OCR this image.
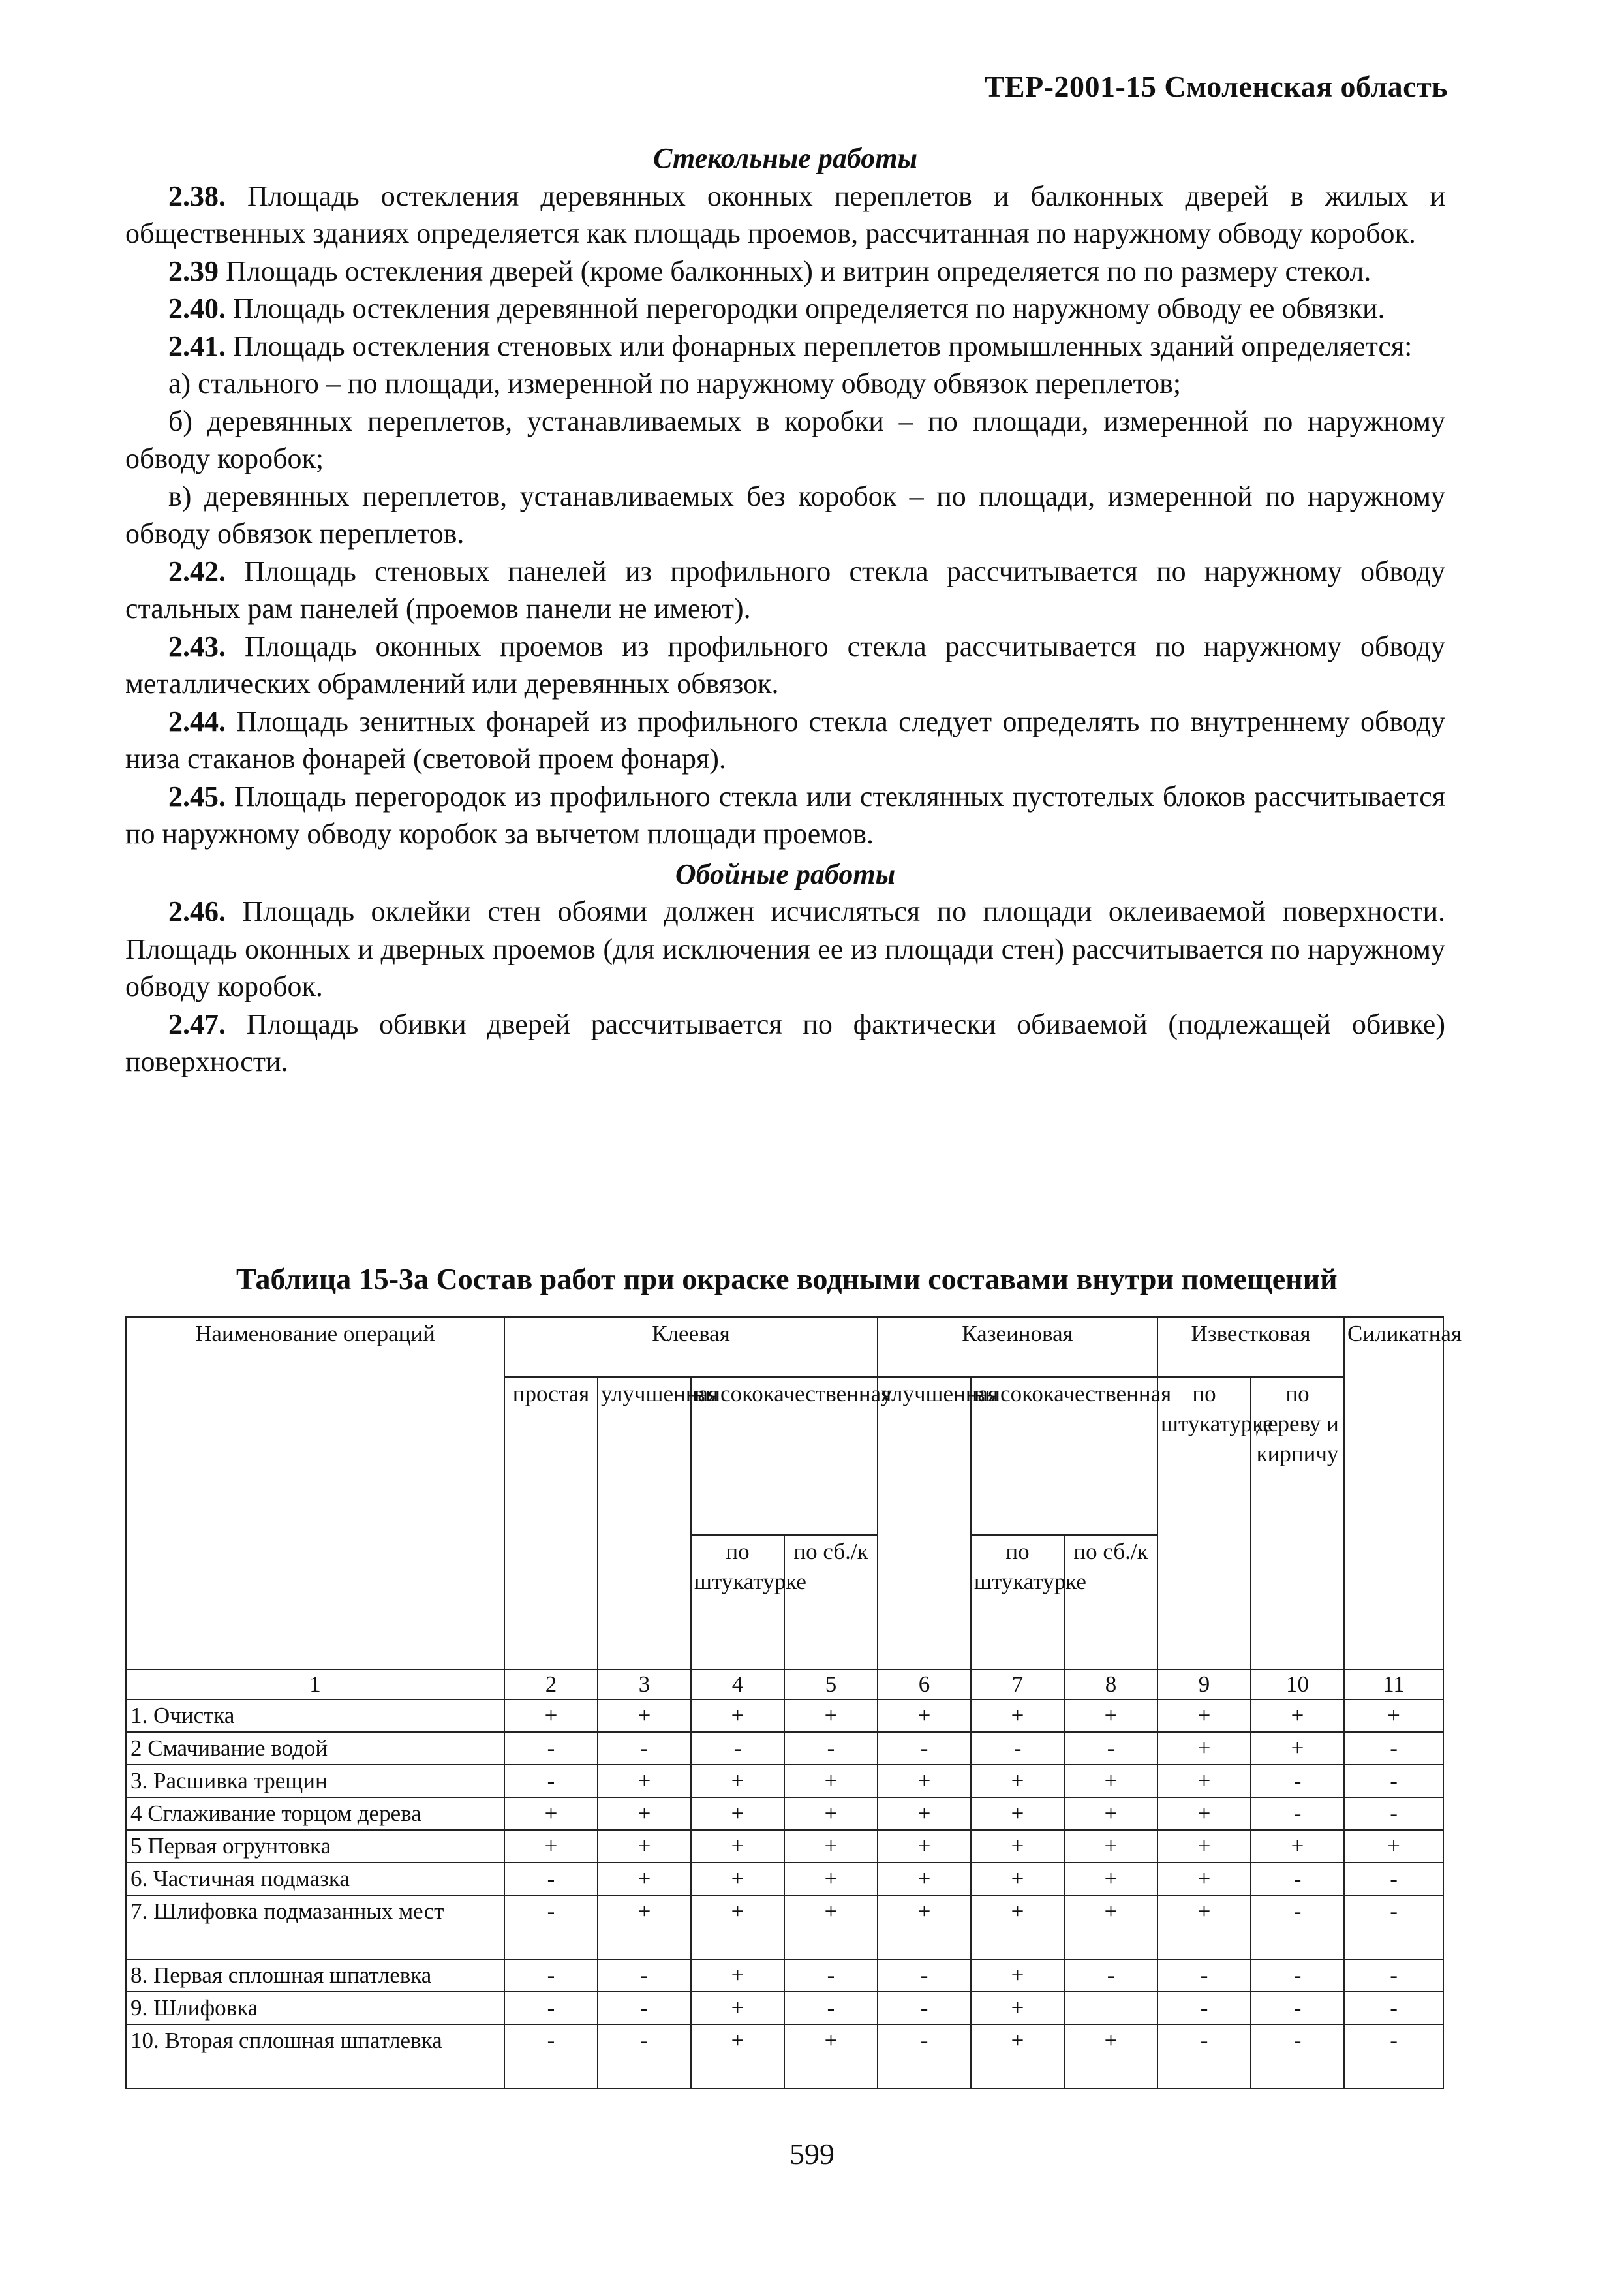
ТЕР-2001-15 Смоленская область

Стекольные работы

2.38. Площадь остекления деревянных оконных переплетов и балконных дверей в жилых и общественных зданиях определяется как площадь проемов, рассчитанная по наружному обводу коробок.

2.39 Площадь остекления дверей (кроме балконных) и витрин определяется по по размеру стекол.

2.40. Площадь остекления деревянной перегородки определяется по наружному обводу ее обвязки.

2.41. Площадь остекления стеновых или фонарных переплетов промышленных зданий определяется:

а) стального – по площади, измеренной по наружному обводу обвязок переплетов;

б) деревянных переплетов, устанавливаемых в коробки – по площади, измеренной по наружному обводу коробок;

в) деревянных переплетов, устанавливаемых без коробок – по площади, измеренной по наружному обводу обвязок переплетов.

2.42. Площадь стеновых панелей из профильного стекла рассчитывается по наружному обводу стальных рам панелей (проемов панели не имеют).

2.43. Площадь оконных проемов из профильного стекла рассчитывается по наружному обводу металлических обрамлений или деревянных обвязок.

2.44. Площадь зенитных фонарей из профильного стекла следует определять по внутреннему обводу низа стаканов фонарей (световой проем фонаря).

2.45. Площадь перегородок из профильного стекла или стеклянных пустотелых блоков рассчитывается по наружному обводу коробок за вычетом площади проемов.

Обойные работы

2.46. Площадь оклейки стен обоями должен исчисляться по площади оклеиваемой поверхности. Площадь оконных и дверных проемов (для исключения ее из площади стен) рассчитывается по наружному обводу коробок.

2.47. Площадь обивки дверей рассчитывается по фактически обиваемой (подлежащей обивке) поверхности.

Таблица 15-3а Состав работ при окраске водными составами внутри помещений
Наименование операций	Клеевая				Казеиновая			Известковая		Силикатная
	простая	улучшенная	высококачественная		улучшенная	высококачественная		по штукатурке	по дереву и кирпичу	
			по штукатурке	по сб./к		по штукатурке	по сб./к			
1	2	3	4	5	6	7	8	9	10	11
1. Очистка	+	+	+	+	+	+	+	+	+	+
2 Смачивание водой	-	-	-	-	-	-	-	+	+	-
3. Расшивка трещин	-	+	+	+	+	+	+	+	-	-
4 Сглаживание торцом дерева	+	+	+	+	+	+	+	+	-	-
5 Первая огрунтовка	+	+	+	+	+	+	+	+	+	+
6. Частичная подмазка	-	+	+	+	+	+	+	+	-	-
7. Шлифовка подмазанных мест	-	+	+	+	+	+	+	+	-	-
8. Первая сплошная шпатлевка	-	-	+	-	-	+	-	-	-	-
9. Шлифовка	-	-	+	-	-	+		-	-	-
10. Вторая сплошная шпатлевка	-	-	+	+	-	+	+	-	-	-
599
